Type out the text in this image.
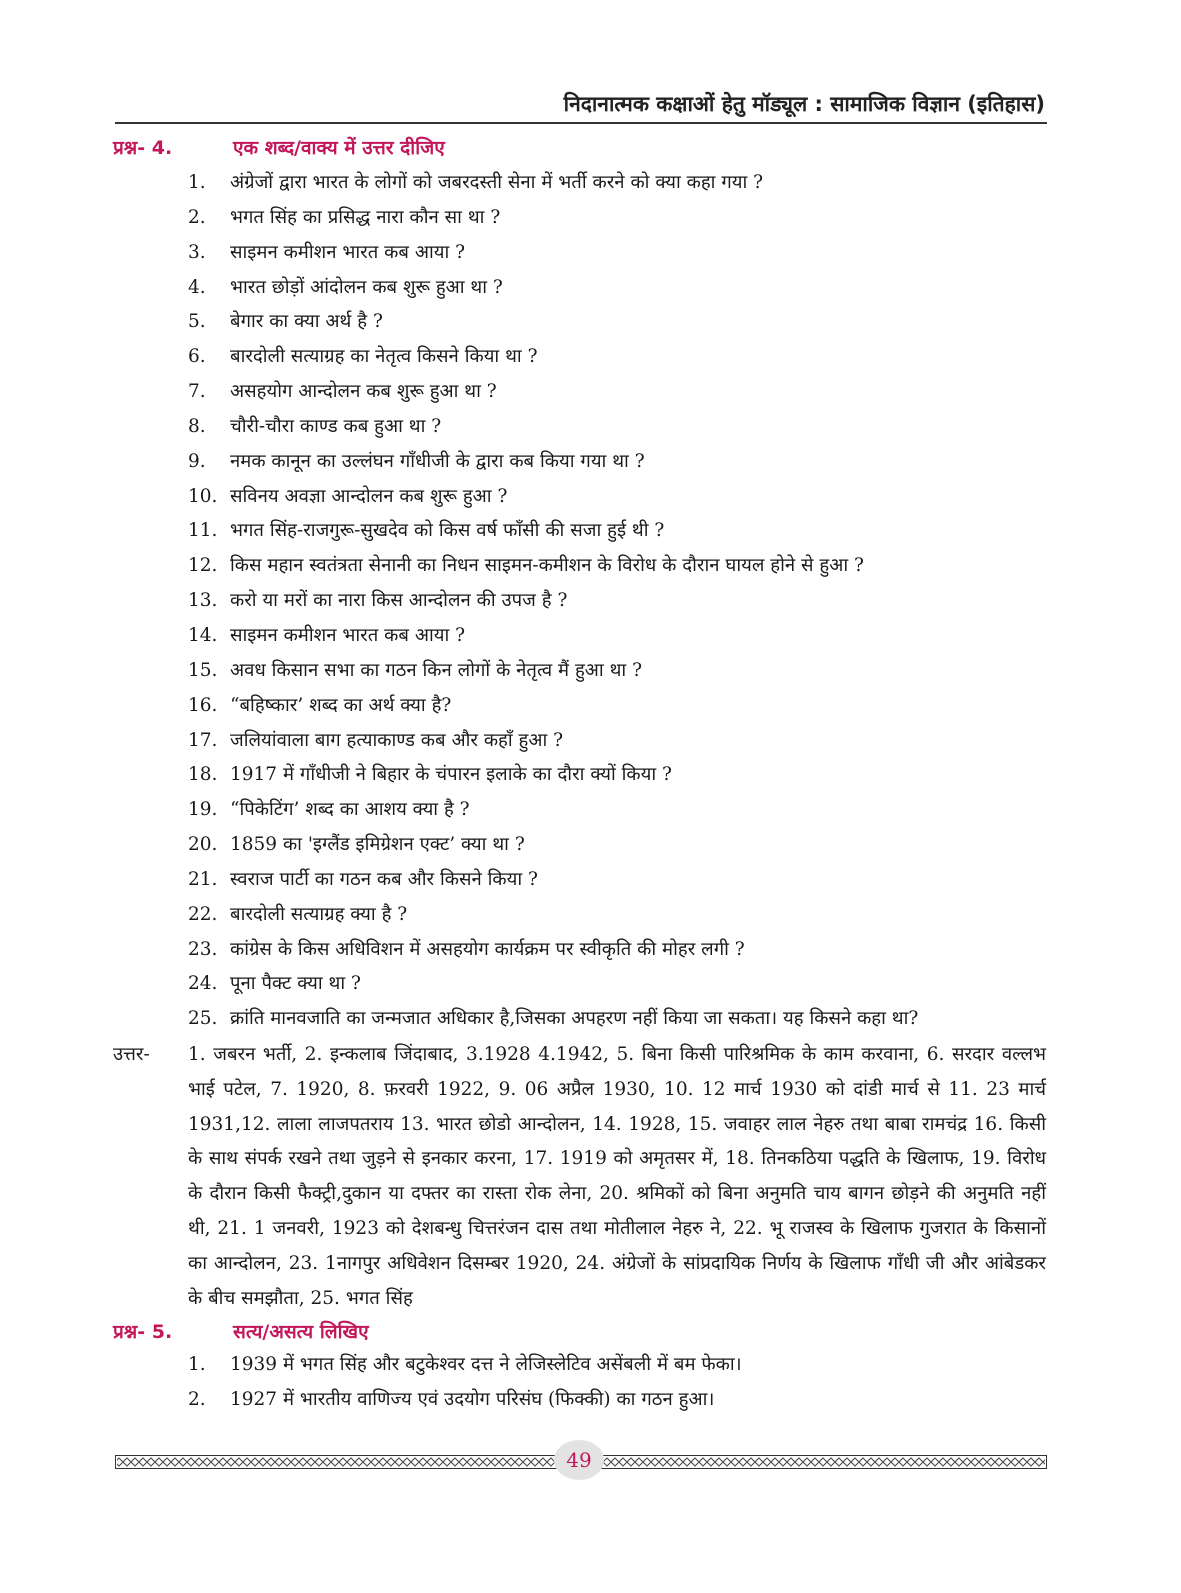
निदानात्मक कक्षाओं हेतु मॉड्यूल : सामाजिक विज्ञान (इतिहास)
प्रश्न- 4.	एक शब्द/वाक्य में उत्तर दीजिए
1. अंग्रेजों द्वारा भारत के लोगों को जबरदस्ती सेना में भर्ती करने को क्या कहा गया ?
2. भगत सिंह का प्रसिद्ध नारा कौन सा था ?
3. साइमन कमीशन भारत कब आया ?
4. भारत छोड़ों आंदोलन कब शुरू हुआ था ?
5. बेगार का क्या अर्थ है ?
6. बारदोली सत्याग्रह का नेतृत्व किसने किया था ?
7. असहयोग आन्दोलन कब शुरू हुआ था ?
8. चौरी-चौरा काण्ड कब हुआ था ?
9. नमक कानून का उल्लंघन गाँधीजी के द्वारा कब किया गया था ?
10. सविनय अवज्ञा आन्दोलन कब शुरू हुआ ?
11. भगत सिंह-राजगुरू-सुखदेव को किस वर्ष फाँसी की सजा हुई थी ?
12. किस महान स्वतंत्रता सेनानी का निधन साइमन-कमीशन के विरोध के दौरान घायल होने से हुआ ?
13. करो या मरों का नारा किस आन्दोलन की उपज है ?
14. साइमन कमीशन भारत कब आया ?
15. अवध किसान सभा का गठन किन लोगों के नेतृत्व मैं हुआ था ?
16. “बहिष्कार’ शब्द का अर्थ क्या है?
17. जलियांवाला बाग हत्याकाण्ड कब और कहाँ हुआ ?
18. 1917 में गाँधीजी ने बिहार के चंपारन इलाके का दौरा क्यों किया ?
19. “पिकेटिंग’ शब्द का आशय क्या है ?
20. 1859 का 'इग्लैंड इमिग्रेशन एक्ट’ क्या था ?
21. स्वराज पार्टी का गठन कब और किसने किया ?
22. बारदोली सत्याग्रह क्या है ?
23. कांग्रेस के किस अधिविशन में असहयोग कार्यक्रम पर स्वीकृति की मोहर लगी ?
24. पूना पैक्ट क्या था ?
25. क्रांति मानवजाति का जन्मजात अधिकार है,जिसका अपहरण नहीं किया जा सकता। यह किसने कहा था?
उत्तर- 1. जबरन भर्ती, 2. इन्कलाब जिंदाबाद, 3.1928 4.1942, 5. बिना किसी पारिश्रमिक के काम करवाना, 6. सरदार वल्लभ भाई पटेल, 7. 1920, 8. फ़रवरी 1922, 9. 06 अप्रैल 1930, 10. 12 मार्च 1930 को दांडी मार्च से 11. 23 मार्च 1931,12. लाला लाजपतराय 13. भारत छोडो आन्दोलन, 14. 1928, 15. जवाहर लाल नेहरु तथा बाबा रामचंद्र 16. किसी के साथ संपर्क रखने तथा जुड़ने से इनकार करना, 17. 1919 को अमृतसर में, 18. तिनकठिया पद्धति के खिलाफ, 19. विरोध के दौरान किसी फैक्ट्री,दुकान या दफ्तर का रास्ता रोक लेना, 20. श्रमिकों को बिना अनुमति चाय बागन छोड़ने की अनुमति नहीं थी, 21. 1 जनवरी, 1923 को देशबन्धु चित्तरंजन दास तथा मोतीलाल नेहरु ने, 22. भू राजस्व के खिलाफ गुजरात के किसानों का आन्दोलन, 23. 1नागपुर अधिवेशन दिसम्बर 1920, 24. अंग्रेजों के सांप्रदायिक निर्णय के खिलाफ गाँधी जी और आंबेडकर के बीच समझौता, 25. भगत सिंह
प्रश्न- 5.	सत्य/असत्य लिखिए
1. 1939 में भगत सिंह और बटुकेश्वर दत्त ने लेजिस्लेटिव असेंबली में बम फेका।
2. 1927 में भारतीय वाणिज्य एवं उदयोग परिसंघ (फिक्की) का गठन हुआ।
49
